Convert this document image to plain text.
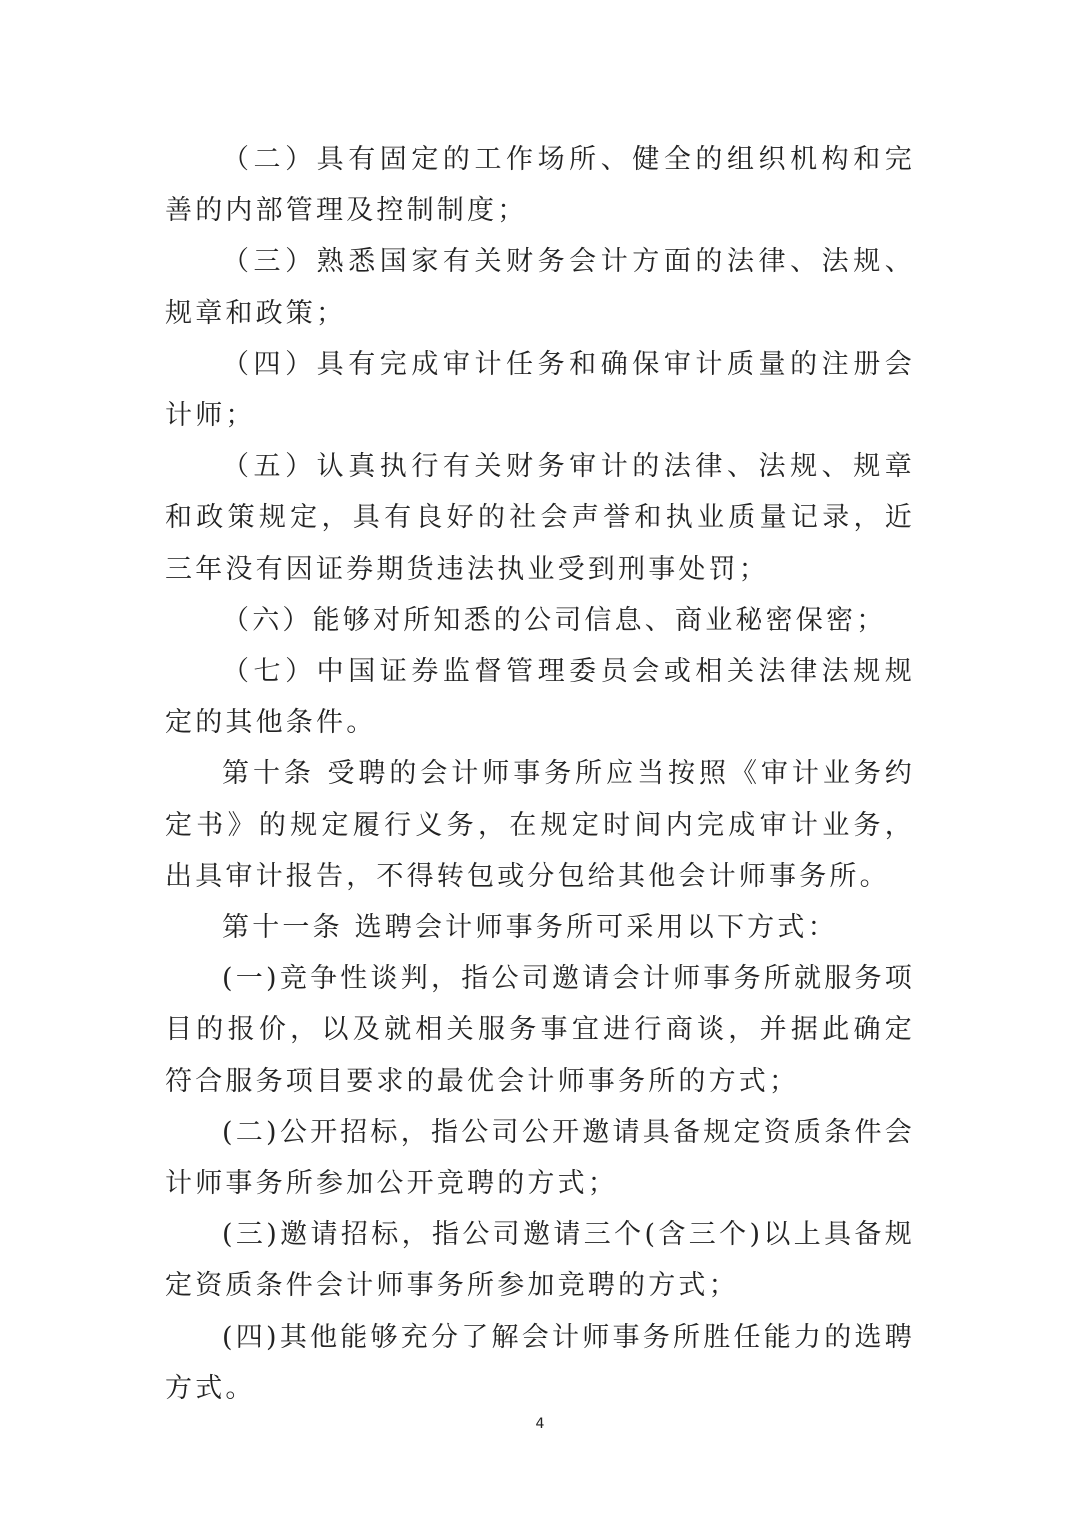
（二）具有固定的工作场所、健全的组织机构和完善的内部管理及控制制度；

（三）熟悉国家有关财务会计方面的法律、法规、规章和政策；

（四）具有完成审计任务和确保审计质量的注册会计师；

（五）认真执行有关财务审计的法律、法规、规章和政策规定，具有良好的社会声誉和执业质量记录，近三年没有因证券期货违法执业受到刑事处罚；

（六）能够对所知悉的公司信息、商业秘密保密；

（七）中国证券监督管理委员会或相关法律法规规定的其他条件。

第十条 受聘的会计师事务所应当按照《审计业务约定书》的规定履行义务，在规定时间内完成审计业务，出具审计报告，不得转包或分包给其他会计师事务所。

第十一条 选聘会计师事务所可采用以下方式：

(一)竞争性谈判，指公司邀请会计师事务所就服务项目的报价，以及就相关服务事宜进行商谈，并据此确定符合服务项目要求的最优会计师事务所的方式；

(二)公开招标，指公司公开邀请具备规定资质条件会计师事务所参加公开竞聘的方式；

(三)邀请招标，指公司邀请三个(含三个)以上具备规定资质条件会计师事务所参加竞聘的方式；

(四)其他能够充分了解会计师事务所胜任能力的选聘方式。

4
